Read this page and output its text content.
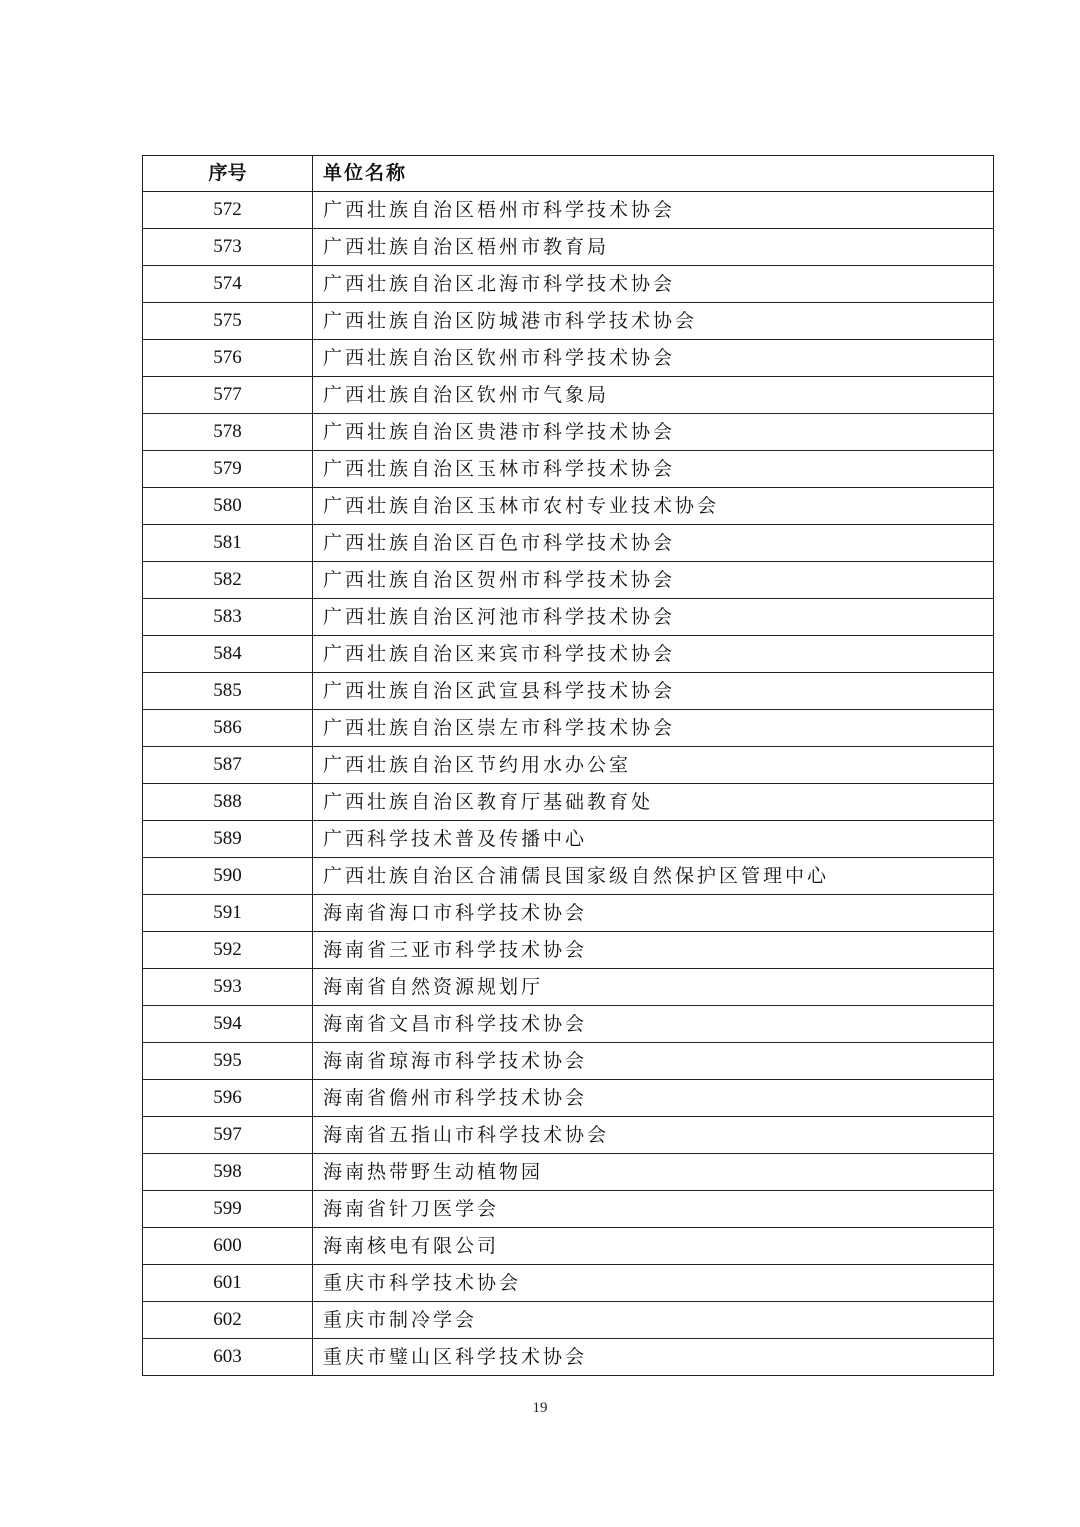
序号	单位名称
572	广西壮族自治区梧州市科学技术协会
573	广西壮族自治区梧州市教育局
574	广西壮族自治区北海市科学技术协会
575	广西壮族自治区防城港市科学技术协会
576	广西壮族自治区钦州市科学技术协会
577	广西壮族自治区钦州市气象局
578	广西壮族自治区贵港市科学技术协会
579	广西壮族自治区玉林市科学技术协会
580	广西壮族自治区玉林市农村专业技术协会
581	广西壮族自治区百色市科学技术协会
582	广西壮族自治区贺州市科学技术协会
583	广西壮族自治区河池市科学技术协会
584	广西壮族自治区来宾市科学技术协会
585	广西壮族自治区武宣县科学技术协会
586	广西壮族自治区崇左市科学技术协会
587	广西壮族自治区节约用水办公室
588	广西壮族自治区教育厅基础教育处
589	广西科学技术普及传播中心
590	广西壮族自治区合浦儒艮国家级自然保护区管理中心
591	海南省海口市科学技术协会
592	海南省三亚市科学技术协会
593	海南省自然资源规划厅
594	海南省文昌市科学技术协会
595	海南省琼海市科学技术协会
596	海南省儋州市科学技术协会
597	海南省五指山市科学技术协会
598	海南热带野生动植物园
599	海南省针刀医学会
600	海南核电有限公司
601	重庆市科学技术协会
602	重庆市制冷学会
603	重庆市璧山区科学技术协会
19
